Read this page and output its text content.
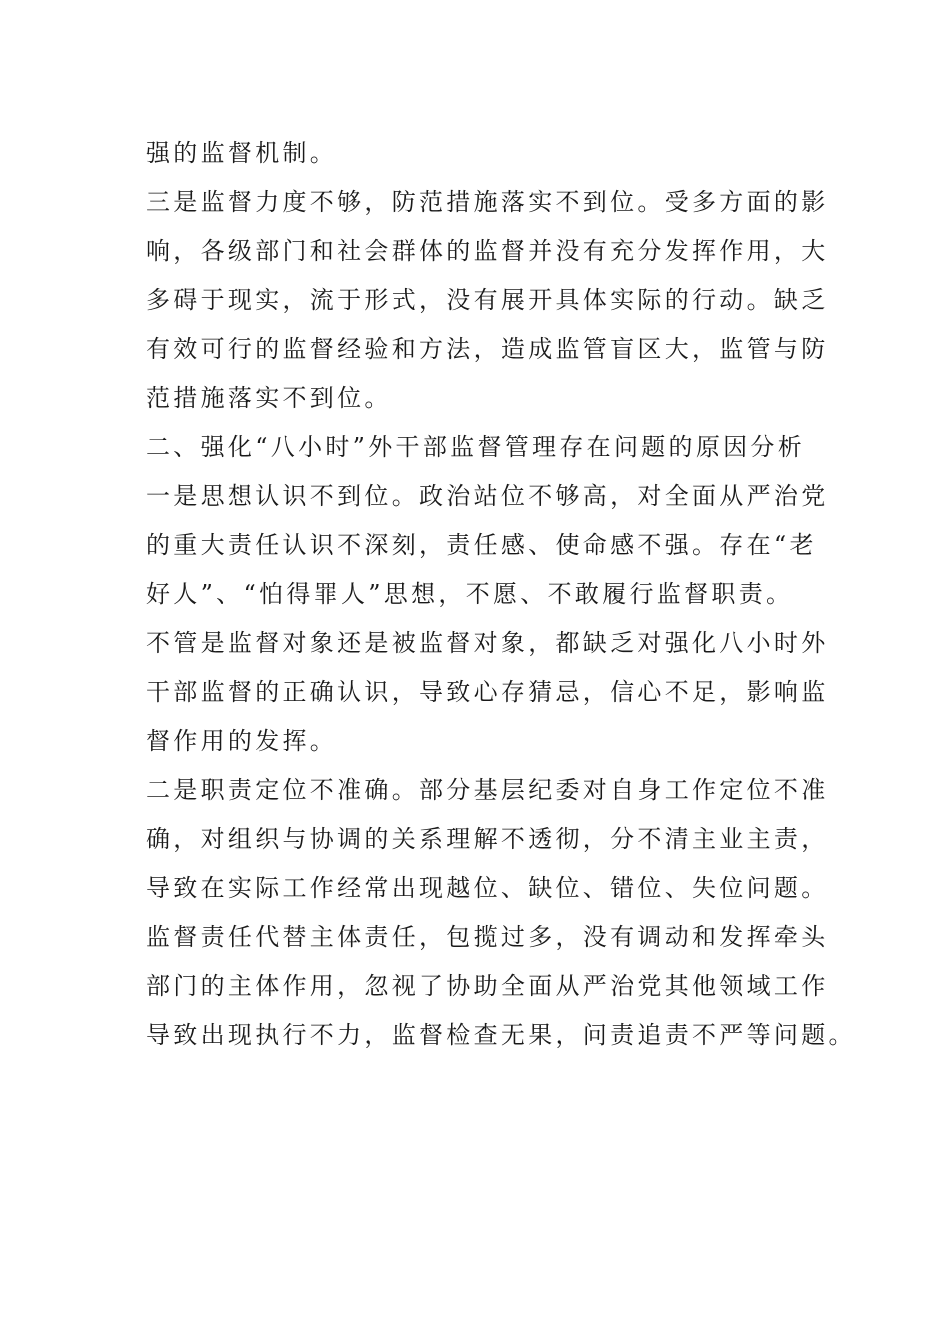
强的监督机制。
三是监督力度不够，防范措施落实不到位。受多方面的影
响，各级部门和社会群体的监督并没有充分发挥作用，大
多碍于现实，流于形式，没有展开具体实际的行动。缺乏
有效可行的监督经验和方法，造成监管盲区大，监管与防
范措施落实不到位。
二、强化“八小时”外干部监督管理存在问题的原因分析
一是思想认识不到位。政治站位不够高，对全面从严治党
的重大责任认识不深刻，责任感、使命感不强。存在“老
好人”、“怕得罪人”思想，不愿、不敢履行监督职责。
不管是监督对象还是被监督对象，都缺乏对强化八小时外
干部监督的正确认识，导致心存猜忌，信心不足，影响监
督作用的发挥。
二是职责定位不准确。部分基层纪委对自身工作定位不准
确，对组织与协调的关系理解不透彻，分不清主业主责，
导致在实际工作经常出现越位、缺位、错位、失位问题。
监督责任代替主体责任，包揽过多，没有调动和发挥牵头
部门的主体作用，忽视了协助全面从严治党其他领域工作
导致出现执行不力，监督检查无果，问责追责不严等问题。
